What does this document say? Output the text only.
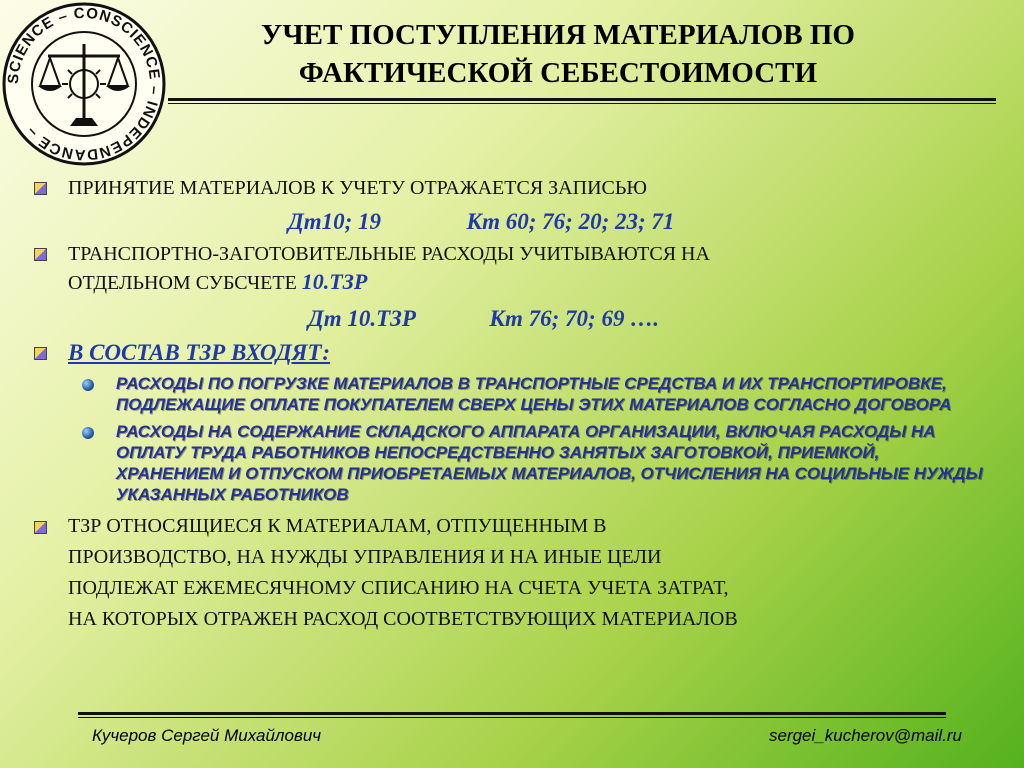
SCIENCE – CONSCIENCE – INDEPENDANCE –
УЧЕТ ПОСТУПЛЕНИЯ МАТЕРИАЛОВ ПО
ФАКТИЧЕСКОЙ СЕБЕСТОИМОСТИ
ПРИНЯТИЕ МАТЕРИАЛОВ К УЧЕТУ ОТРАЖАЕТСЯ ЗАПИСЬЮ
Дт10; 19	Кт 60; 76; 20; 23; 71
ТРАНСПОРТНО-ЗАГОТОВИТЕЛЬНЫЕ РАСХОДЫ УЧИТЫВАЮТСЯ НА
ОТДЕЛЬНОМ СУБСЧЕТЕ 10.ТЗР
Дт 10.ТЗР	Кт 76; 70; 69 ….
В СОСТАВ ТЗР ВХОДЯТ:
РАСХОДЫ ПО ПОГРУЗКЕ МАТЕРИАЛОВ В ТРАНСПОРТНЫЕ СРЕДСТВА И ИХ ТРАНСПОРТИРОВКЕ, ПОДЛЕЖАЩИЕ ОПЛАТЕ ПОКУПАТЕЛЕМ СВЕРХ ЦЕНЫ ЭТИХ МАТЕРИАЛОВ СОГЛАСНО ДОГОВОРА
РАСХОДЫ НА СОДЕРЖАНИЕ СКЛАДСКОГО АППАРАТА ОРГАНИЗАЦИИ, ВКЛЮЧАЯ РАСХОДЫ НА ОПЛАТУ ТРУДА РАБОТНИКОВ НЕПОСРЕДСТВЕННО ЗАНЯТЫХ ЗАГОТОВКОЙ, ПРИЕМКОЙ, ХРАНЕНИЕМ И ОТПУСКОМ ПРИОБРЕТАЕМЫХ МАТЕРИАЛОВ, ОТЧИСЛЕНИЯ НА СОЦИЛЬНЫЕ НУЖДЫ УКАЗАННЫХ РАБОТНИКОВ
ТЗР ОТНОСЯЩИЕСЯ К МАТЕРИАЛАМ, ОТПУЩЕННЫМ В
ПРОИЗВОДСТВО, НА НУЖДЫ УПРАВЛЕНИЯ И НА ИНЫЕ ЦЕЛИ
ПОДЛЕЖАТ ЕЖЕМЕСЯЧНОМУ СПИСАНИЮ НА СЧЕТА УЧЕТА ЗАТРАТ,
НА КОТОРЫХ ОТРАЖЕН РАСХОД СООТВЕТСТВУЮЩИХ МАТЕРИАЛОВ
Кучеров Сергей Михайлович	sergei_kucherov@mail.ru
